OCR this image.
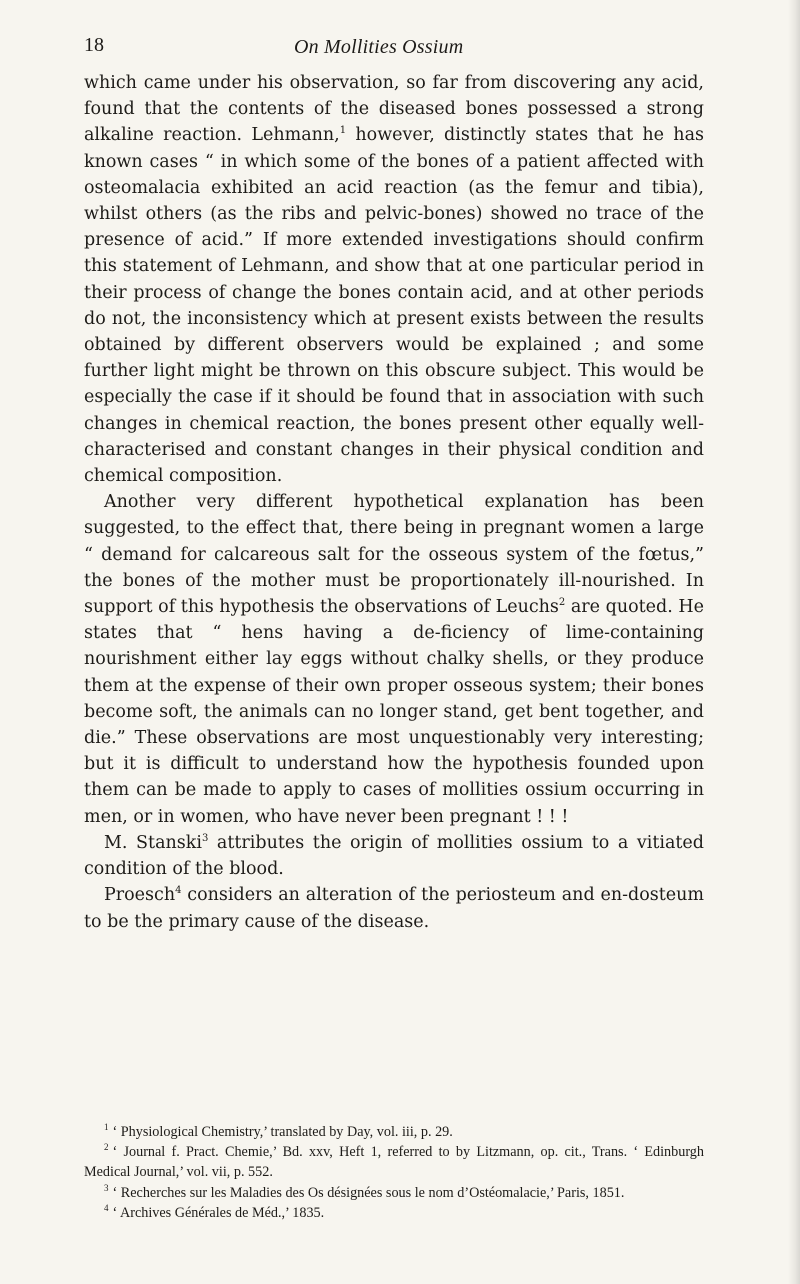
18	On Mollities Ossium

which came under his observation, so far from discovering any acid, found that the contents of the diseased bones possessed a strong alkaline reaction. Lehmann,$^1$ however, distinctly states that he has known cases “ in which some of the bones of a patient affected with osteomalacia exhibited an acid reaction (as the femur and tibia), whilst others (as the ribs and pelvic-bones) showed no trace of the presence of acid.” If more extended investigations should confirm this statement of Lehmann, and show that at one particular period in their process of change the bones contain acid, and at other periods do not, the inconsistency which at present exists between the results obtained by different observers would be explained ; and some further light might be thrown on this obscure subject. This would be especially the case if it should be found that in association with such changes in chemical reaction, the bones present other equally well-characterised and constant changes in their physical condition and chemical composition.

Another very different hypothetical explanation has been suggested, to the effect that, there being in pregnant women a large “ demand for calcareous salt for the osseous system of the fœtus,” the bones of the mother must be proportionately ill-nourished. In support of this hypothesis the observations of Leuchs$^2$ are quoted. He states that “ hens having a de-ficiency of lime-containing nourishment either lay eggs without chalky shells, or they produce them at the expense of their own proper osseous system; their bones become soft, the animals can no longer stand, get bent together, and die.” These observations are most unquestionably very interesting; but it is difficult to understand how the hypothesis founded upon them can be made to apply to cases of mollities ossium occurring in men, or in women, who have never been pregnant ! ! !

M. Stanski$^3$ attributes the origin of mollities ossium to a vitiated condition of the blood.

Proesch$^4$ considers an alteration of the periosteum and en-dosteum to be the primary cause of the disease.

$^1$ ‘ Physiological Chemistry,’ translated by Day, vol. iii, p. 29.

$^2$ ‘ Journal f. Pract. Chemie,’ Bd. xxv, Heft 1, referred to by Litzmann, op. cit., Trans. ‘ Edinburgh Medical Journal,’ vol. vii, p. 552.

$^3$ ‘ Recherches sur les Maladies des Os désignées sous le nom d’Ostéomalacie,’ Paris, 1851.

$^4$ ‘ Archives Générales de Méd.,’ 1835.
